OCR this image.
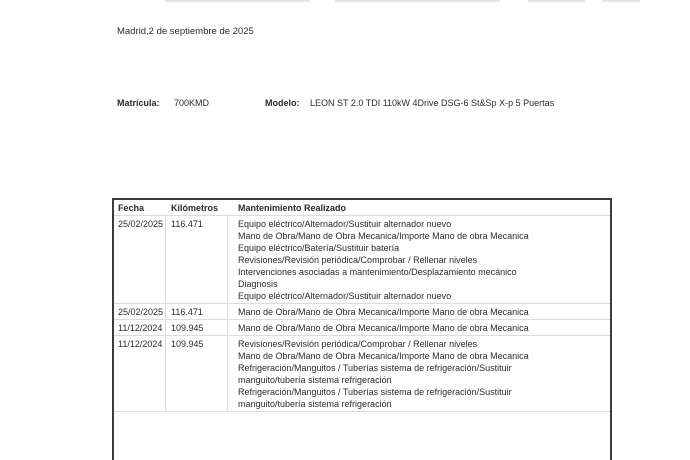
Madrid,2 de septiembre de 2025
Matrícula: 700KMD	Modelo: LEON ST 2.0 TDI 110kW 4Drive DSG-6 St&Sp X-p 5 Puertas
Fecha	Kilómetros	Mantenimiento Realizado
25/02/2025 116.471	Equipo eléctrico/Alternador/Sustituir alternador nuevo
Mano de Obra/Mano de Obra Mecanica/Importe Mano de obra Mecanica
Equipo eléctrico/Batería/Sustituir batería
Revisiones/Revisión periódica/Comprobar / Rellenar niveles
Intervenciones asociadas a mantenimiento/Desplazamiento mecánico
Diagnosis
Equipo eléctrico/Alternador/Sustituir alternador nuevo
25/02/2025 116.471	Mano de Obra/Mano de Obra Mecanica/Importe Mano de obra Mecanica
11/12/2024 109.945	Mano de Obra/Mano de Obra Mecanica/Importe Mano de obra Mecanica
11/12/2024 109.945	Revisiones/Revisión periódica/Comprobar / Rellenar niveles
Mano de Obra/Mano de Obra Mecanica/Importe Mano de obra Mecanica
Refrigeración/Manguitos / Tuberías sistema de refrigeración/Sustituir
manguito/tubería sistema refrigeración
Refrigeración/Manguitos / Tuberías sistema de refrigeración/Sustituir
manguito/tubería sistema refrigeración
